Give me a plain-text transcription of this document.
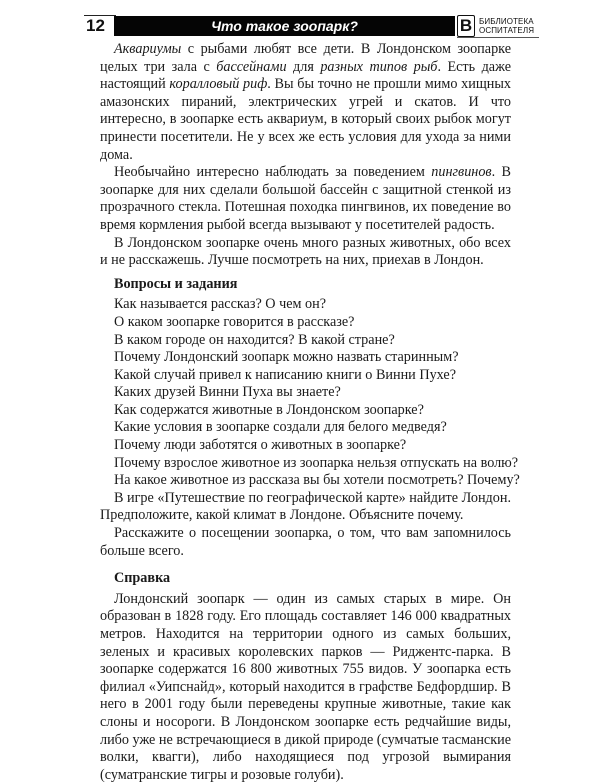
12	Что такое зоопарк?	В БИБЛИОТЕКА
ОСПИТАТЕЛЯ

Аквариумы с рыбами любят все дети. В Лондонском зоопарке целых три зала с бассейнами для разных типов рыб. Есть даже настоящий коралловый риф. Вы бы точно не прошли мимо хищных амазонских пираний, электрических угрей и скатов. И что интересно, в зоопарке есть аквариум, в который своих рыбок могут принести посетители. Не у всех же есть условия для ухода за ними дома.

Необычайно интересно наблюдать за поведением пингвинов. В зоопарке для них сделали большой бассейн с защитной стенкой из прозрачного стекла. Потешная походка пингвинов, их поведение во время кормления рыбой всегда вызывают у посетителей радость.

В Лондонском зоопарке очень много разных животных, обо всех и не расскажешь. Лучше посмотреть на них, приехав в Лондон.

Вопросы и задания

Как называется рассказ? О чем он?

О каком зоопарке говорится в рассказе?

В каком городе он находится? В какой стране?

Почему Лондонский зоопарк можно назвать старинным?

Какой случай привел к написанию книги о Винни Пухе?

Каких друзей Винни Пуха вы знаете?

Как содержатся животные в Лондонском зоопарке?

Какие условия в зоопарке создали для белого медведя?

Почему люди заботятся о животных в зоопарке?

Почему взрослое животное из зоопарка нельзя отпускать на волю?

На какое животное из рассказа вы бы хотели посмотреть? Почему?

В игре «Путешествие по географической карте» найдите Лондон. Предположите, какой климат в Лондоне. Объясните почему.

Расскажите о посещении зоопарка, о том, что вам запомнилось больше всего.

Справка

Лондонский зоопарк — один из самых старых в мире. Он образован в 1828 году. Его площадь составляет 146 000 квадратных метров. Находится на территории одного из самых больших, зеленых и красивых королевских парков — Риджентс-парка. В зоопарке содержатся 16 800 животных 755 видов. У зоопарка есть филиал «Уипснайд», который находится в графстве Бедфордшир. В него в 2001 году были переведены крупные животные, такие как слоны и носороги. В Лондонском зоопарке есть редчайшие виды, либо уже не встречающиеся в дикой природе (сумчатые тасманские волки, квагги), либо находящиеся под угрозой вымирания (суматранские тигры и розовые голуби).
